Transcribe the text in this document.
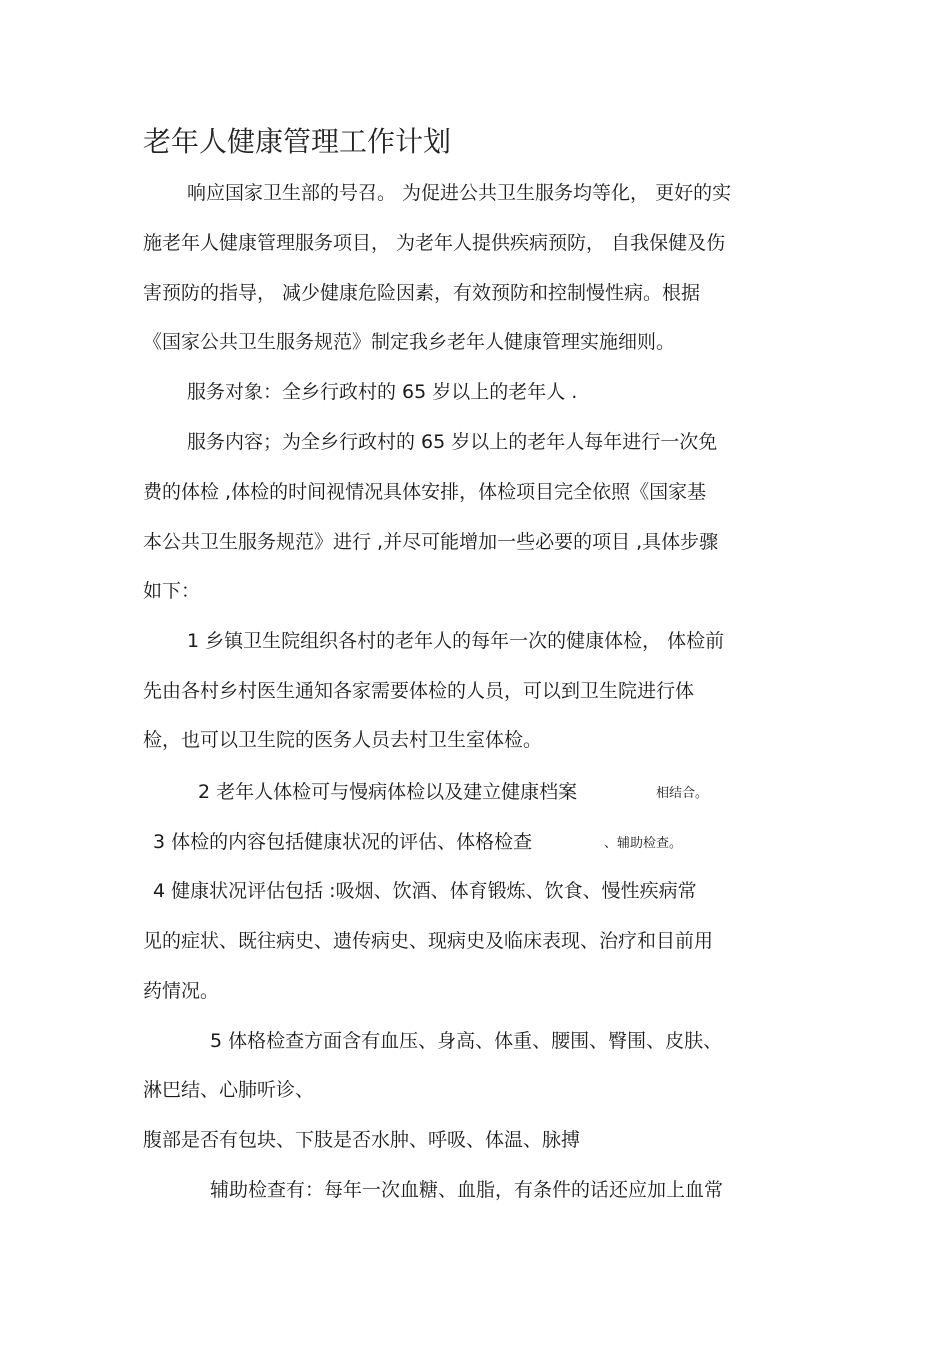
老年人健康管理工作计划
响应国家卫生部的号召。 为促进公共卫生服务均等化， 更好的实
施老年人健康管理服务项目， 为老年人提供疾病预防， 自我保健及伤
害预防的指导， 减少健康危险因素，有效预防和控制慢性病。根据
《国家公共卫生服务规范》制定我乡老年人健康管理实施细则。
服务对象：全乡行政村的 65 岁以上的老年人 .
服务内容；为全乡行政村的 65 岁以上的老年人每年进行一次免
费的体检 ,体检的时间视情况具体安排，体检项目完全依照《国家基
本公共卫生服务规范》进行 ,并尽可能增加一些必要的项目 ,具体步骤
如下：
1 乡镇卫生院组织各村的老年人的每年一次的健康体检， 体检前
先由各村乡村医生通知各家需要体检的人员，可以到卫生院进行体
检，也可以卫生院的医务人员去村卫生室体检。
2 老年人体检可与慢病体检以及建立健康档案	相结合。
3 体检的内容包括健康状况的评估、体格检查	、辅助检查。
4 健康状况评估包括 :吸烟、饮酒、体育锻炼、饮食、慢性疾病常
见的症状、既往病史、遗传病史、现病史及临床表现、治疗和目前用
药情况。
5 体格检查方面含有血压、身高、体重、腰围、臀围、皮肤、
淋巴结、心肺听诊、
腹部是否有包块、下肢是否水肿、呼吸、体温、脉搏
辅助检查有：每年一次血糖、血脂，有条件的话还应加上血常
